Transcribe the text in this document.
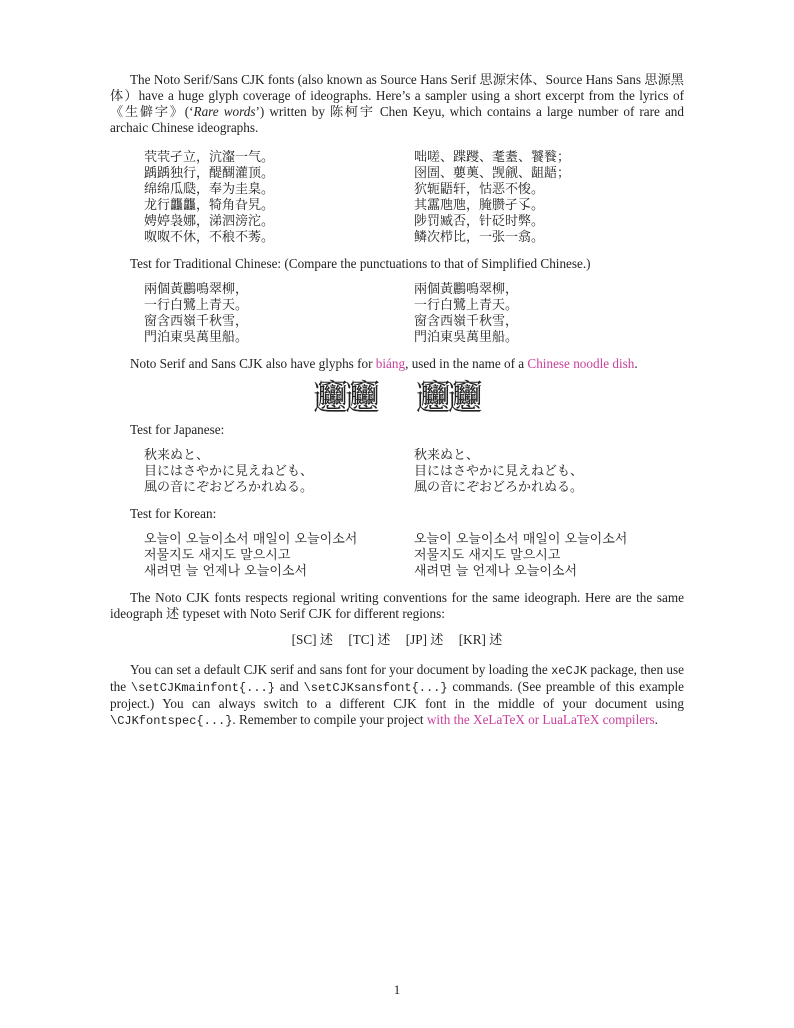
The Noto Serif/Sans CJK fonts (also known as Source Hans Serif 思源宋体、Source Hans Sans 思源黑体）have a huge glyph coverage of ideographs. Here’s a sampler using a short excerpt from the lyrics of《生僻字》(‘Rare words’) written by 陈柯宇 Chen Keyu, which contains a large number of rare and archaic Chinese ideographs.

茕茕孑立，沆瀣一气。
踽踽独行，醍醐灌顶。
绵绵瓜瓞，奉为圭臬。
龙行龘龘，犄角旮旯。
娉婷袅娜，涕泗滂沱。
呶呶不休，不稂不莠。
咄嗟、蹀躞、耄耋、饕餮；
囹圄、蘡薁、觊觎、龃龉；
狖轭鼯轩，怙恶不悛。
其靁虺虺，腌臜孑孓。
陟罚臧否，针砭时弊。
鳞次栉比，一张一翕。

Test for Traditional Chinese: (Compare the punctuations to that of Simplified Chinese.)

兩個黃鸝鳴翠柳，
一行白鷺上青天。
窗含西嶺千秋雪，
門泊東吳萬里船。
兩個黃鸝鳴翠柳，
一行白鷺上青天。
窗含西嶺千秋雪，
門泊東吳萬里船。

Noto Serif and Sans CJK also have glyphs for biáng, used in the name of a Chinese noodle dish.

𰻞𰻞 𰻞𰻞

Test for Japanese:

秋来ぬと、
目にはさやかに見えねども、
風の音にぞおどろかれぬる。
秋来ぬと、
目にはさやかに見えねども、
風の音にぞおどろかれぬる。

Test for Korean:

오늘이 오늘이소서 매일이 오늘이소서
저물지도 새지도 말으시고
새려면 늘 언제나 오늘이소서
오늘이 오늘이소서 매일이 오늘이소서
저물지도 새지도 말으시고
새려면 늘 언제나 오늘이소서

The Noto CJK fonts respects regional writing conventions for the same ideograph. Here are the same ideograph 述 typeset with Noto Serif CJK for different regions:

[SC] 述 [TC] 述 [JP] 述 [KR] 述

You can set a default CJK serif and sans font for your document by loading the xeCJK package, then use the \setCJKmainfont{...} and \setCJKsansfont{...} commands. (See preamble of this example project.) You can always switch to a different CJK font in the middle of your document using \CJKfontspec{...}. Remember to compile your project with the XeLaTeX or LuaLaTeX compilers.

1
